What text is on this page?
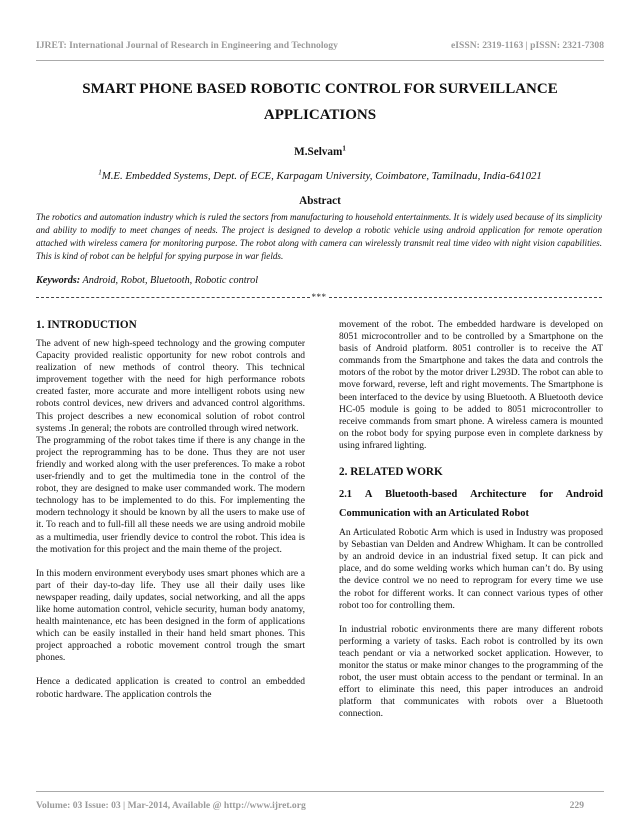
IJRET: International Journal of Research in Engineering and Technology	eISSN: 2319-1163 | pISSN: 2321-7308
SMART PHONE BASED ROBOTIC CONTROL FOR SURVEILLANCE
APPLICATIONS
M.Selvam$^1$
$^1$M.E. Embedded Systems, Dept. of ECE, Karpagam University, Coimbatore, Tamilnadu, India-641021
Abstract
The robotics and automation industry which is ruled the sectors from manufacturing to household entertainments. It is widely used because of its simplicity and ability to modify to meet changes of needs. The project is designed to develop a robotic vehicle using android application for remote operation attached with wireless camera for monitoring purpose. The robot along with camera can wirelessly transmit real time video with night vision capabilities. This is kind of robot can be helpful for spying purpose in war fields.
Keywords: Android, Robot, Bluetooth, Robotic control
***
1. INTRODUCTION

The advent of new high-speed technology and the growing computer Capacity provided realistic opportunity for new robot controls and realization of new methods of control theory. This technical improvement together with the need for high performance robots created faster, more accurate and more intelligent robots using new robots control devices, new drivers and advanced control algorithms. This project describes a new economical solution of robot control systems .In general; the robots are controlled through wired network.

The programming of the robot takes time if there is any change in the project the reprogramming has to be done. Thus they are not user friendly and worked along with the user preferences. To make a robot user-friendly and to get the multimedia tone in the control of the robot, they are designed to make user commanded work. The modern technology has to be implemented to do this. For implementing the modern technology it should be known by all the users to make use of it. To reach and to full-fill all these needs we are using android mobile as a multimedia, user friendly device to control the robot. This idea is the motivation for this project and the main theme of the project.

In this modern environment everybody uses smart phones which are a part of their day-to-day life. They use all their daily uses like newspaper reading, daily updates, social networking, and all the apps like home automation control, vehicle security, human body anatomy, health maintenance, etc has been designed in the form of applications which can be easily installed in their hand held smart phones. This project approached a robotic movement control trough the smart phones.

Hence a dedicated application is created to control an embedded robotic hardware. The application controls the

movement of the robot. The embedded hardware is developed on 8051 microcontroller and to be controlled by a Smartphone on the basis of Android platform. 8051 controller is to receive the AT commands from the Smartphone and takes the data and controls the motors of the robot by the motor driver L293D. The robot can able to move forward, reverse, left and right movements. The Smartphone is been interfaced to the device by using Bluetooth. A Bluetooth device HC-05 module is going to be added to 8051 microcontroller to receive commands from smart phone. A wireless camera is mounted on the robot body for spying purpose even in complete darkness by using infrared lighting.

2. RELATED WORK
2.1 A Bluetooth-based Architecture for Android Communication with an Articulated Robot

An Articulated Robotic Arm which is used in Industry was proposed by Sebastian van Delden and Andrew Whigham. It can be controlled by an android device in an industrial fixed setup. It can pick and place, and do some welding works which human can’t do. By using the device control we no need to reprogram for every time we use the robot for different works. It can connect various types of other robot too for controlling them.

In industrial robotic environments there are many different robots performing a variety of tasks. Each robot is controlled by its own teach pendant or via a networked socket application. However, to monitor the status or make minor changes to the programming of the robot, the user must obtain access to the pendant or terminal. In an effort to eliminate this need, this paper introduces an android platform that communicates with robots over a Bluetooth connection.

Volume: 03 Issue: 03 | Mar-2014, Available @ http://www.ijret.org	229
